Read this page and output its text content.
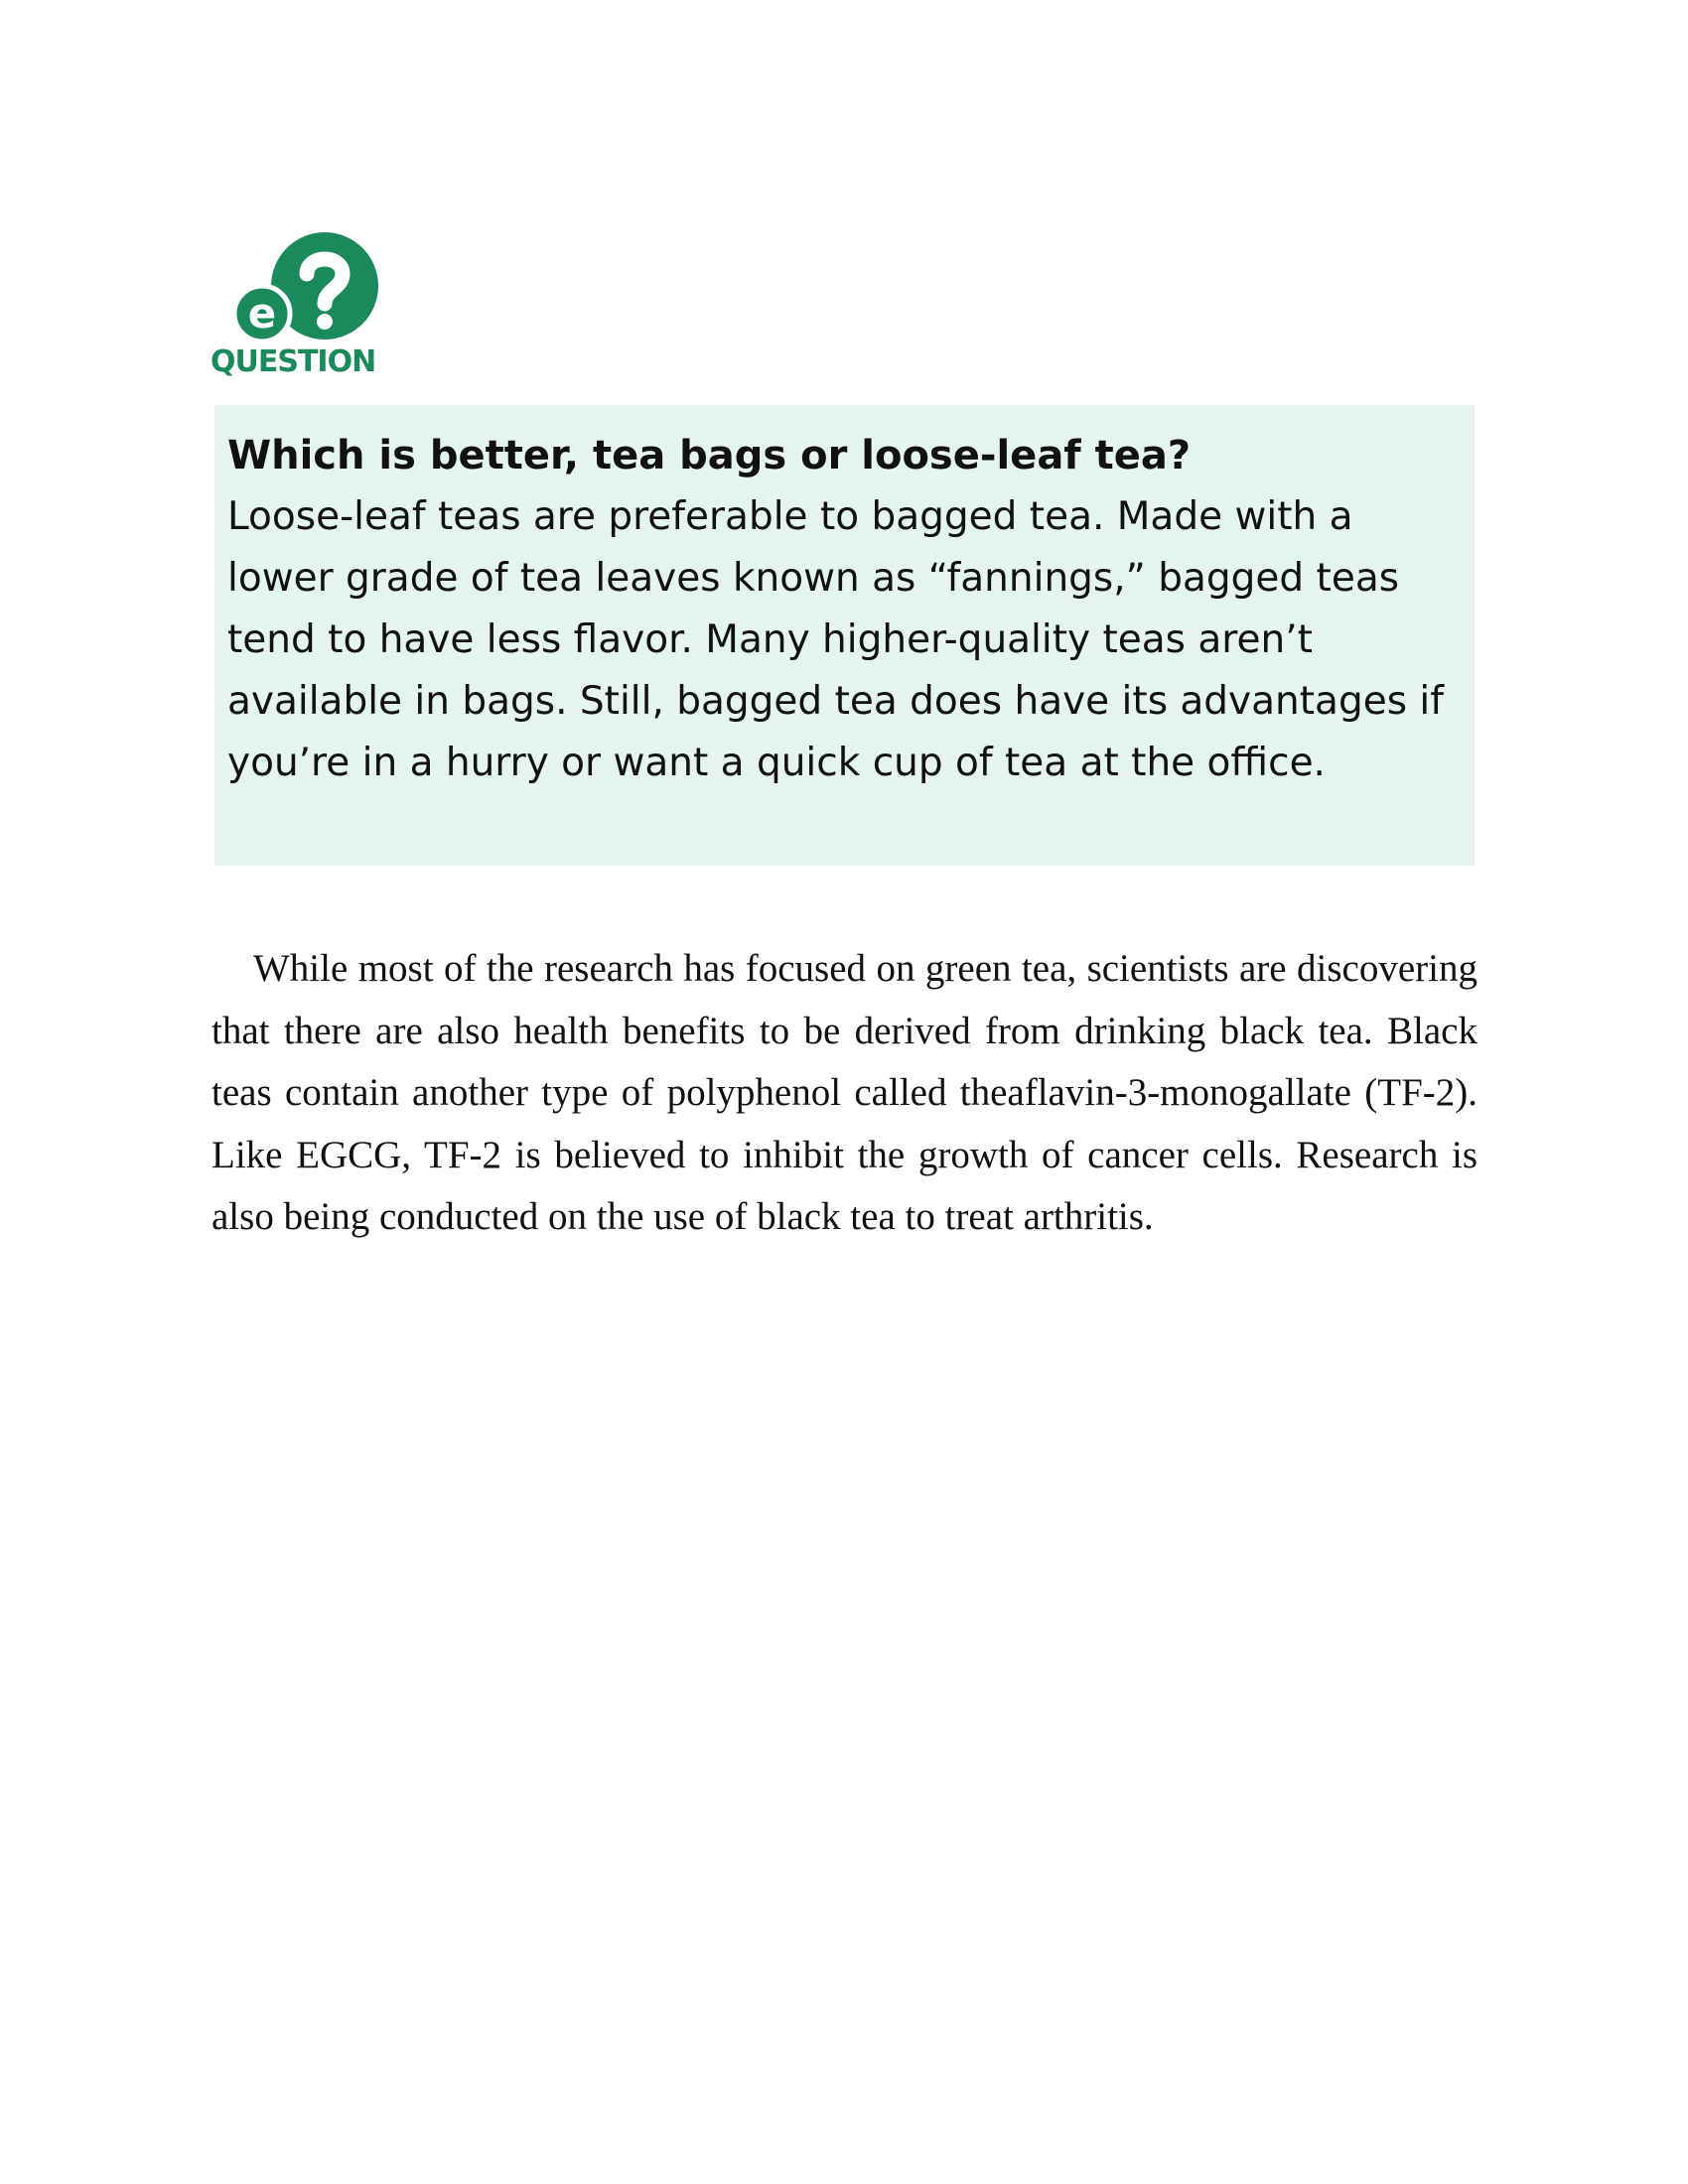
e
QUESTION

Which is better, tea bags or loose-leaf tea?

Loose-leaf teas are preferable to bagged tea. Made with a lower grade of tea leaves known as “fannings,” bagged teas tend to have less flavor. Many higher-quality teas aren’t available in bags. Still, bagged tea does have its advantages if you’re in a hurry or want a quick cup of tea at the office.

While most of the research has focused on green tea, scientists are discovering that there are also health benefits to be derived from drinking black tea. Black teas contain another type of polyphenol called theaflavin-3-monogallate (TF-2). Like EGCG, TF-2 is believed to inhibit the growth of cancer cells. Research is also being conducted on the use of black tea to treat arthritis.
